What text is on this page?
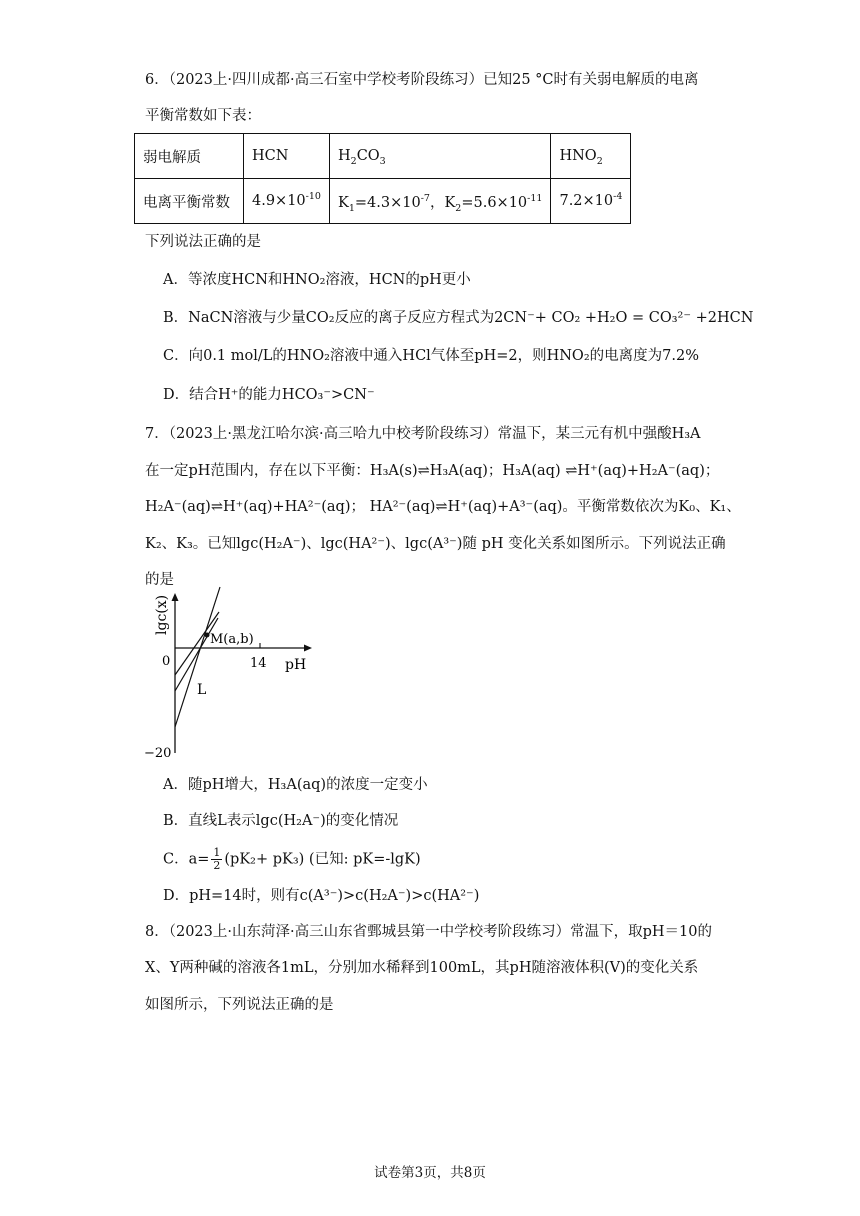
6．（2023上·四川成都·高三石室中学校考阶段练习）已知25 °C时有关弱电解质的电离
平衡常数如下表：
弱电解质	HCN	$H_2CO_3$	$HNO_2$
电离平衡常数	$4.9\times 10^{-10}$	$K_1=4.3\times 10^{-7}$，$K_2=5.6\times 10^{-11}$	$7.2\times 10^{-4}$
下列说法正确的是
A．等浓度HCN和HNO₂溶液，HCN的pH更小
B．NaCN溶液与少量CO₂反应的离子反应方程式为2CN⁻+ CO₂ +H₂O = CO₃²⁻ +2HCN
C．向0.1 mol/L的HNO₂溶液中通入HCl气体至pH=2，则HNO₂的电离度为7.2%
D．结合H⁺的能力HCO₃⁻>CN⁻
7．（2023上·黑龙江哈尔滨·高三哈九中校考阶段练习）常温下，某三元有机中强酸H₃A
在一定pH范围内，存在以下平衡：H₃A(s)⇌H₃A(aq)；H₃A(aq) ⇌H⁺(aq)+H₂A⁻(aq)；
H₂A⁻(aq)⇌H⁺(aq)+HA²⁻(aq)； HA²⁻(aq)⇌H⁺(aq)+A³⁻(aq)。平衡常数依次为K₀、K₁、
K₂、K₃。已知lgc(H₂A⁻)、lgc(HA²⁻)、lgc(A³⁻)随 pH 变化关系如图所示。下列说法正确
的是
lgc(x)
M(a,b)
0	14 pH
L
−20
A．随pH增大，H₃A(aq)的浓度一定变小
B．直线L表示lgc(H₂A⁻)的变化情况
C．$a= \frac{1}{2} (pK_2+ pK_3)$ (已知: pK=-lgK)
D．pH=14时，则有c(A³⁻)>c(H₂A⁻)>c(HA²⁻)
8．（2023上·山东菏泽·高三山东省鄄城县第一中学校考阶段练习）常温下，取pH＝10的
X、Y两种碱的溶液各1mL，分别加水稀释到100mL，其pH随溶液体积(V)的变化关系
如图所示，下列说法正确的是
试卷第3页，共8页
